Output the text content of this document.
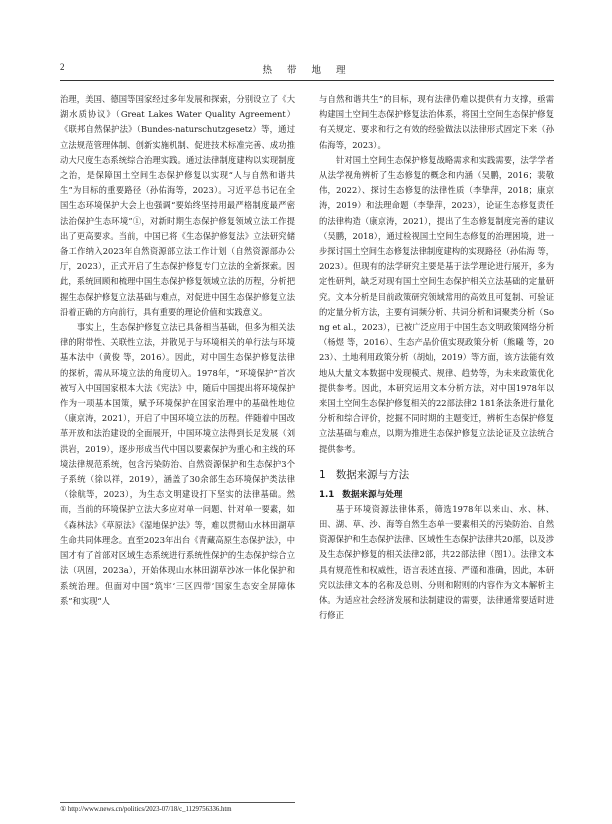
2	热 带 地 理

治理，美国、德国等国家经过多年发展和探索，分别设立了《大湖水质协议》（Great Lakes Water Quality Agreement）《联邦自然保护法》（Bundes-naturschutzgesetz）等，通过立法规范管理体制、创新实施机制、促进技术标准完善、成功推动大尺度生态系统综合治理实践。通过法律制度建构以实现制度之治，是保障国土空间生态保护修复以实现“人与自然和谐共生”为目标的重要路径（孙佑海等，2023）。习近平总书记在全国生态环境保护大会上也强调“要始终坚持用最严格制度最严密法治保护生态环境”①，对新时期生态保护修复领域立法工作提出了更高要求。当前，中国已将《生态保护修复法》立法研究储备工作纳入2023年自然资源部立法工作计划（自然资源部办公厅，2023），正式开启了生态保护修复专门立法的全新探索。因此，系统回顾和梳理中国生态保护修复领域立法的历程，分析把握生态保护修复立法基础与难点，对促进中国生态保护修复立法沿着正确的方向前行，具有重要的理论价值和实践意义。

事实上，生态保护修复立法已具备相当基础，但多为相关法律的附带性、关联性立法，并散见于与环境相关的单行法与环境基本法中（黄俊 等，2016）。因此，对中国生态保护修复法律的探析，需从环境立法的角度切入。1978年，“环境保护”首次被写入中国国家根本大法《宪法》中，随后中国提出将环境保护作为一项基本国策，赋予环境保护在国家治理中的基础性地位（康京涛，2021），开启了中国环境立法的历程。伴随着中国改革开放和法治建设的全面展开，中国环境立法得到长足发展（刘洪岩，2019），逐步形成当代中国以要素保护为重心和主线的环境法律规范系统，包含污染防治、自然资源保护和生态保护3个子系统（徐以祥，2019），涵盖了30余部生态环境保护类法律（徐航等，2023），为生态文明建设打下坚实的法律基础。然而，当前的环境保护立法大多应对单一问题、针对单一要素，如《森林法》《草原法》《湿地保护法》等，难以贯彻山水林田湖草生命共同体理念。直至2023年出台《青藏高原生态保护法》，中国才有了首部对区域生态系统进行系统性保护的生态保护综合立法（巩固，2023a），开始体现山水林田湖草沙冰一体化保护和系统治理。但面对中国“筑牢‘三区四带’国家生态安全屏障体系”和实现“人

与自然和谐共生”的目标，现有法律仍难以提供有力支撑，亟需构建国土空间生态保护修复法治体系，将国土空间生态保护修复有关规定、要求和行之有效的经验做法以法律形式固定下来（孙佑海等，2023）。

针对国土空间生态保护修复战略需求和实践需要，法学学者从法学视角辨析了生态修复的概念和内涵（吴鹏，2016；裴敬伟，2022）、探讨生态修复的法律性质（李挚萍，2018；康京涛，2019）和法理命题（李挚萍，2023），论证生态修复责任的法律构造（康京涛，2021），提出了生态修复制度完善的建议（吴鹏，2018），通过检视国土空间生态修复的治理困境，进一步探讨国土空间生态修复法律制度建构的实现路径（孙佑海 等，2023）。但现有的法学研究主要是基于法学理论进行展开，多为定性研判，缺乏对现有国土空间生态保护相关立法基础的定量研究。文本分析是目前政策研究领域常用的高效且可复制、可验证的定量分析方法，主要有词频分析、共词分析和词聚类分析（Song et al.，2023），已被广泛应用于中国生态文明政策网络分析（杨煜 等，2016）、生态产品价值实现政策分析（熊曦 等，2023）、土地利用政策分析（胡灿，2019）等方面，该方法能有效地从大量文本数据中发现模式、规律、趋势等，为未来政策优化提供参考。因此，本研究运用文本分析方法，对中国1978年以来国土空间生态保护修复相关的22部法律2 181条法条进行量化分析和综合评价，挖掘不同时期的主题变迁，辨析生态保护修复立法基础与难点，以期为推进生态保护修复立法论证及立法统合提供参考。

1 数据来源与方法
1.1 数据来源与处理

基于环境资源法律体系，筛选1978年以来山、水、林、田、湖、草、沙、海等自然生态单一要素相关的污染防治、自然资源保护和生态保护法律、区域性生态保护法律共20部，以及涉及生态保护修复的相关法律2部，共22部法律（图1）。法律文本具有规范性和权威性，语言表述直接、严谨和准确，因此，本研究以法律文本的名称及总则、分则和附则的内容作为文本解析主体。为适应社会经济发展和法制建设的需要，法律通常要适时进行修正

① http://www.news.cn/politics/2023-07/18/c_1129756336.htm
